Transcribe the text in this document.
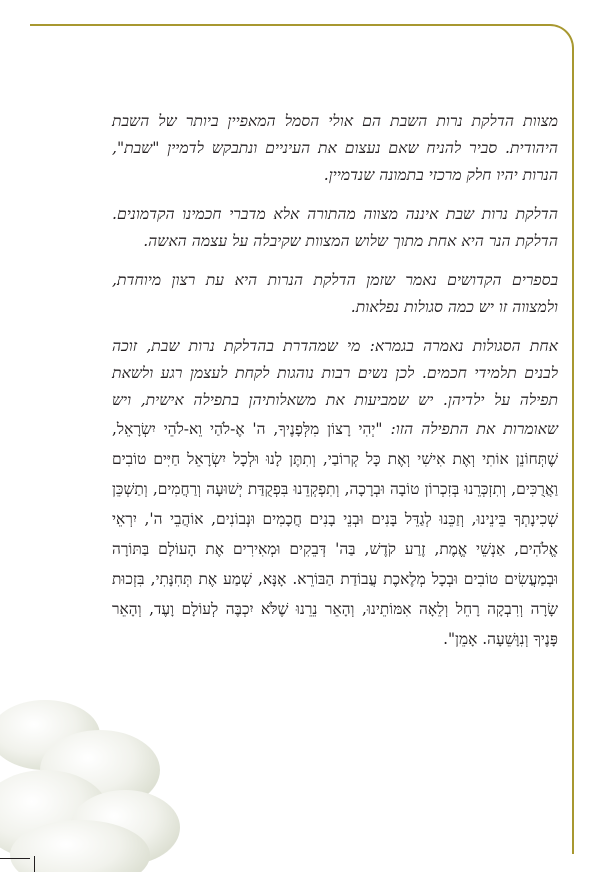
מצוות הדלקת נרות השבת הם אולי הסמל המאפיין ביותר של השבת היהודית. סביר להניח שאם נעצום את העיניים ונתבקש לדמיין "שבת", הנרות יהיו חלק מרכזי בתמונה שנדמיין.

הדלקת נרות שבת איננה מצווה מהתורה אלא מדברי חכמינו הקדמונים. הדלקת הנר היא אחת מתוך שלוש המצוות שקיבלה על עצמה האשה.

בספרים הקדושים נאמר שזמן הדלקת הנרות היא עת רצון מיוחדת, ולמצווה זו יש כמה סגולות נפלאות.

אחת הסגולות נאמרה בגמרא: מי שמהדרת בהדלקת נרות שבת, זוכה לבנים תלמידי חכמים. לכן נשים רבות נוהגות לקחת לעצמן רגע ולשאת תפילה על ילדיהן. יש שמביעות את משאלותיהן בתפילה אישית, ויש שאומרות את התפילה הזו: "יְהִי רָצוֹן מִלְּפָנֶיךָ, ה' אֶ-לֹהַי וֵא-לֹהֵי יִשְׂרָאֵל, שֶׁתְּחוֹנֵן אוֹתִי וְאֶת אִישִׁי וְאֶת כָּל קְרוֹבַי, וְתִתֶּן לָנוּ וּלְכָל יִשְׂרָאֵל חַיִּים טוֹבִים וַאֲרֻכִּים, וְתִזְכְּרֵנוּ בְּזִכְרוֹן טוֹבָה וּבְרָכָה, וְתִפְקְדֵנוּ בִּפְקֻדַּת יְשׁוּעָה וְרַחֲמִים, וְתַשְׁכֵּן שְׁכִינָתְךָ בֵּינֵינוּ, וְזַכֵּנוּ לְגַדֵּל בָּנִים וּבְנֵי בָנִים חֲכָמִים וּנְבוֹנִים, אוֹהֲבֵי ה', יִרְאֵי אֱלֹהִים, אַנְשֵׁי אֱמֶת, זֶרַע קֹדֶשׁ, בַּה' דְּבֵקִים וּמְאִירִים אֶת הָעוֹלָם בַּתּוֹרָה וּבְמַעֲשִׂים טוֹבִים וּבְכָל מְלֶאכֶת עֲבוֹדַת הַבּוֹרֵא. אָנָּא, שְׁמַע אֶת תְּחִנָּתִי, בִּזְכוּת שָׂרָה וְרִבְקָה רָחֵל וְלֵאָה אִמּוֹתֵינוּ, וְהָאֵר נֵרֵנוּ שֶׁלֹּא יִכְבֶּה לְעוֹלָם וָעֶד, וְהָאֵר פָּנֶיךָ וְנִוָּשֵׁעָה. אָמֵן".
